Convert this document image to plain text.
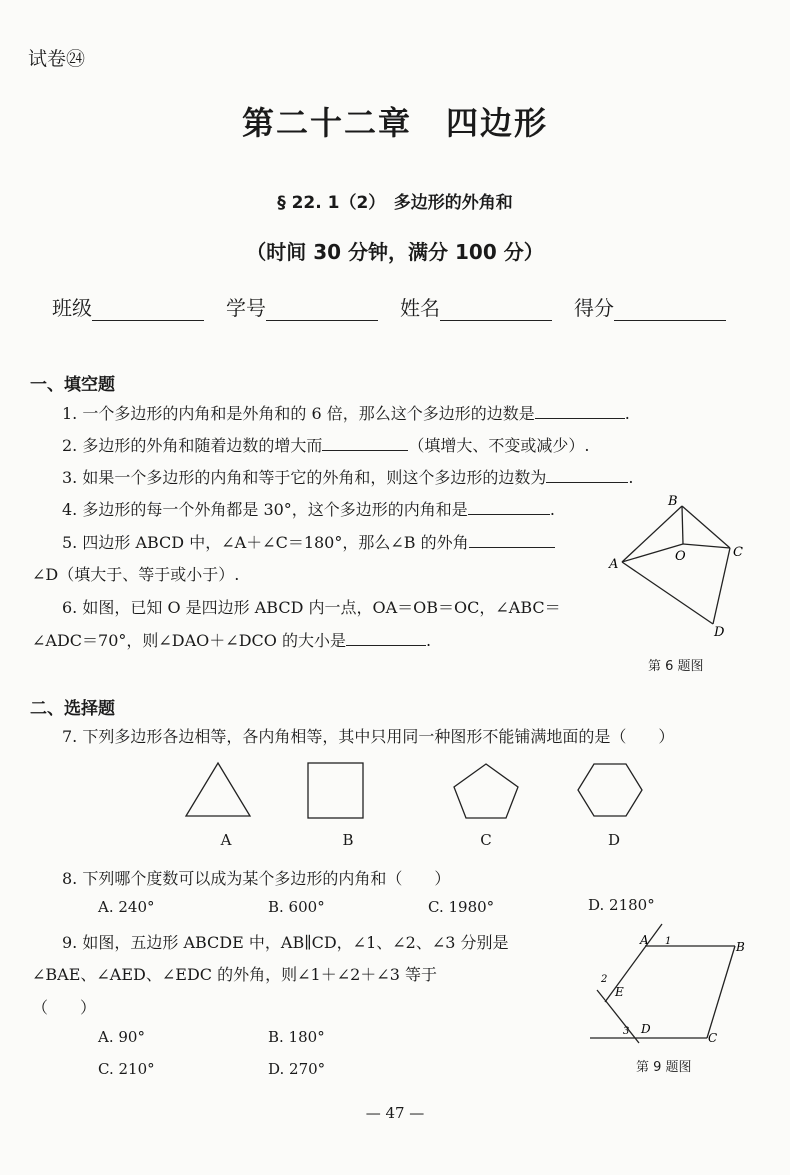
试卷㉔
第二十二章　四边形
§ 22. 1（2）　多边形的外角和
（时间 30 分钟，满分 100 分）
班级	学号	姓名	得分
一、填空题
1. 一个多边形的内角和是外角和的 6 倍，那么这个多边形的边数是	.
2. 多边形的外角和随着边数的增大而	（填增大、不变或减少）.
3. 如果一个多边形的内角和等于它的外角和，则这个多边形的边数为	.
4. 多边形的每一个外角都是 30°，这个多边形的内角和是	.
5. 四边形 ABCD 中，∠A＋∠C＝180°，那么∠B 的外角
∠D（填大于、等于或小于）.
6. 如图，已知 O 是四边形 ABCD 内一点，OA＝OB＝OC，∠ABC＝
∠ADC＝70°，则∠DAO＋∠DCO 的大小是	.
B
A
C
D
O
第 6 题图
二、选择题
7. 下列多边形各边相等，各内角相等，其中只用同一种图形不能铺满地面的是（　　）
A	B	C	D
8. 下列哪个度数可以成为某个多边形的内角和（　　）
A. 240°	B. 600°	C. 1980°	D. 2180°
9. 如图，五边形 ABCDE 中，AB∥CD，∠1、∠2、∠3 分别是
∠BAE、∠AED、∠EDC 的外角，则∠1＋∠2＋∠3 等于
（　　）
A. 90°	B. 180°
C. 210°	D. 270°
A 1	B
2
E
3 D
C
第 9 题图
— 47 —
